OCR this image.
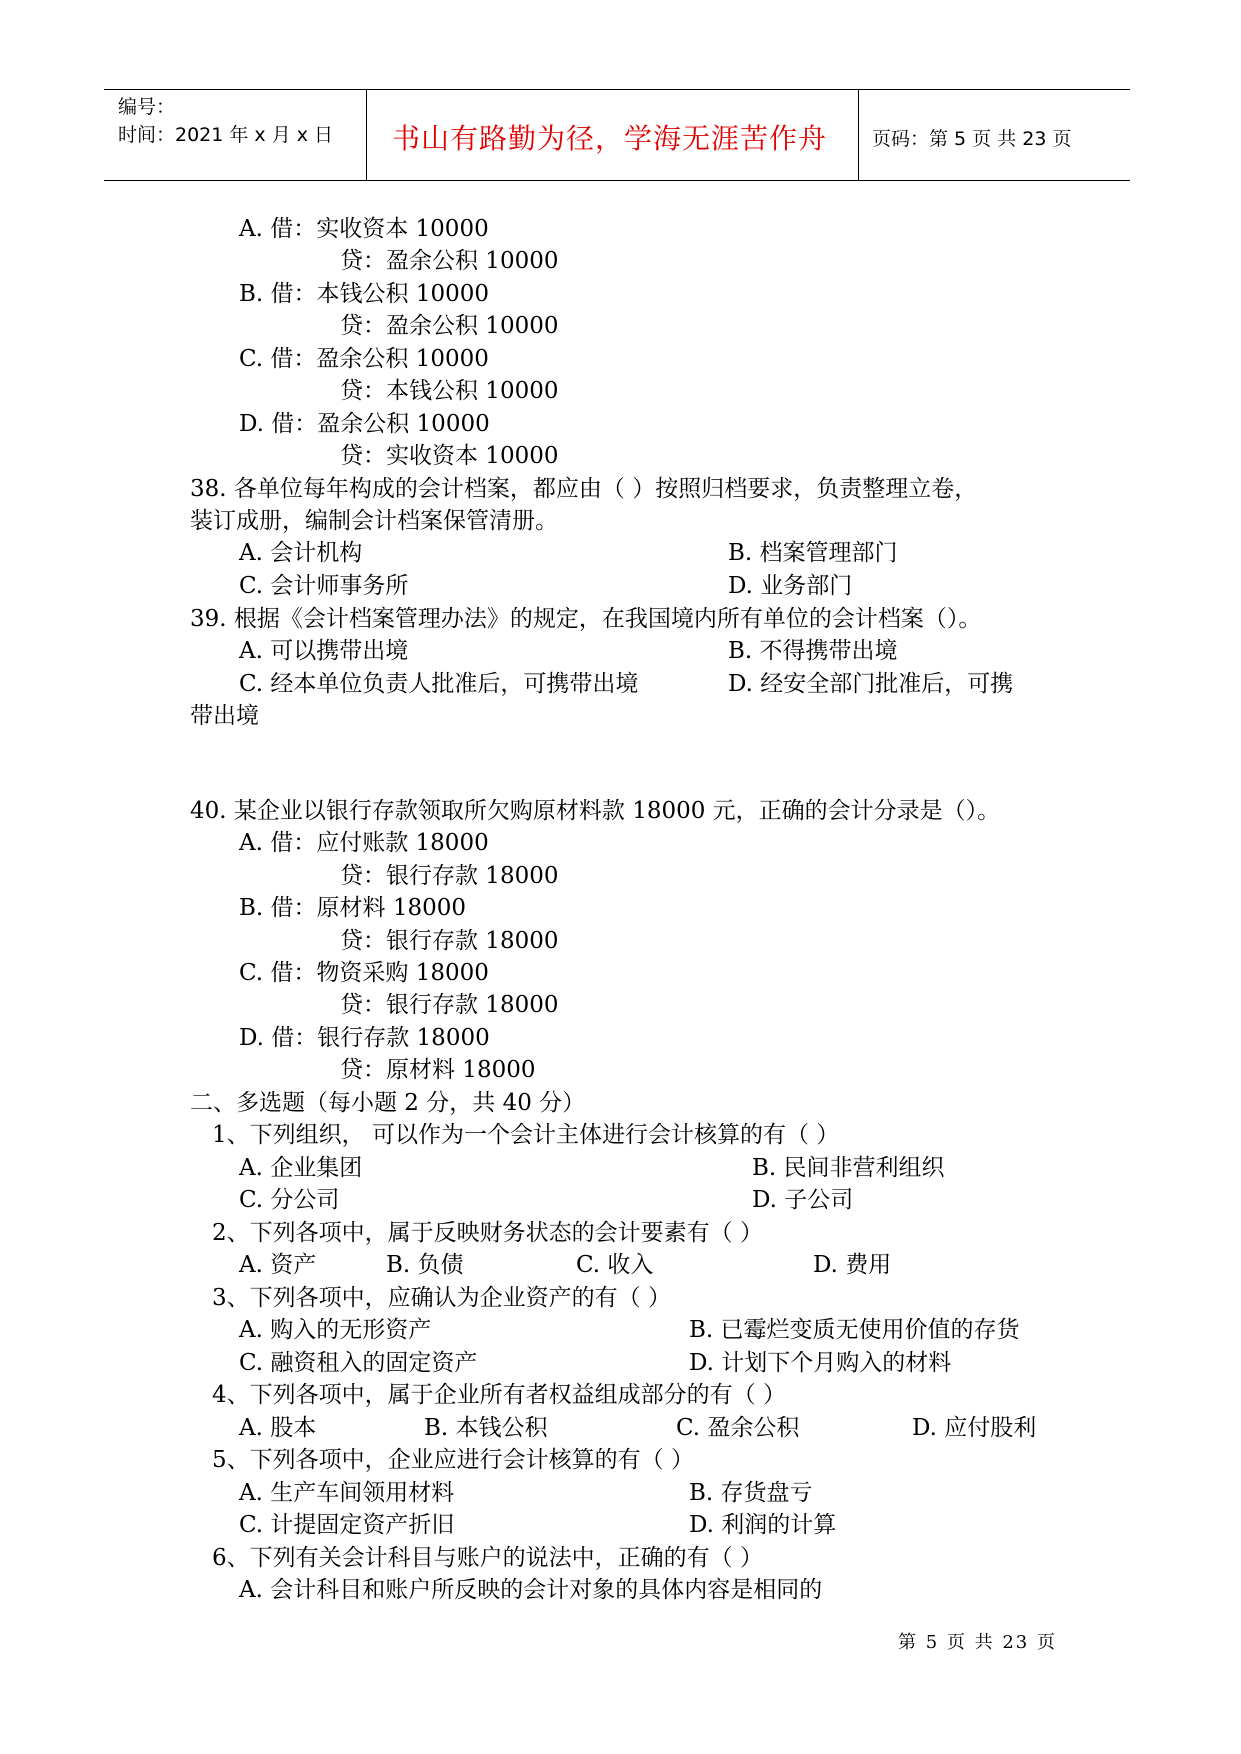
编号：
时间：2021 年 x 月 x 日 书山有路勤为径，学海无涯苦作舟 页码：第 5 页 共 23 页
A. 借：实收资本 10000
贷：盈余公积 10000
B. 借：本钱公积 10000
贷：盈余公积 10000
C. 借：盈余公积 10000
贷：本钱公积 10000
D. 借：盈余公积 10000
贷：实收资本 10000
38. 各单位每年构成的会计档案，都应由（ ）按照归档要求，负责整理立卷，
装订成册，编制会计档案保管清册。
A. 会计机构	B. 档案管理部门
C. 会计师事务所	D. 业务部门
39. 根据《会计档案管理办法》的规定，在我国境内所有单位的会计档案（）。
A. 可以携带出境	B. 不得携带出境
C. 经本单位负责人批准后，可携带出境	D. 经安全部门批准后，可携
带出境
40. 某企业以银行存款领取所欠购原材料款 18000 元，正确的会计分录是（）。
A. 借：应付账款 18000
贷：银行存款 18000
B. 借：原材料 18000
贷：银行存款 18000
C. 借：物资采购 18000
贷：银行存款 18000
D. 借：银行存款 18000
贷：原材料 18000
二、多选题（每小题 2 分，共 40 分）
1、下列组织， 可以作为一个会计主体进行会计核算的有（ ）
A. 企业集团	B. 民间非营利组织
C. 分公司	D. 子公司
2、下列各项中，属于反映财务状态的会计要素有（ ）
A. 资产	B. 负债	C. 收入	D. 费用
3、下列各项中，应确认为企业资产的有（ ）
A. 购入的无形资产	B. 已霉烂变质无使用价值的存货
C. 融资租入的固定资产	D. 计划下个月购入的材料
4、下列各项中，属于企业所有者权益组成部分的有（ ）
A. 股本	B. 本钱公积	C. 盈余公积	D. 应付股利
5、下列各项中，企业应进行会计核算的有（ ）
A. 生产车间领用材料	B. 存货盘亏
C. 计提固定资产折旧	D. 利润的计算
6、下列有关会计科目与账户的说法中，正确的有（ ）
A. 会计科目和账户所反映的会计对象的具体内容是相同的
第 5 页 共 23 页
